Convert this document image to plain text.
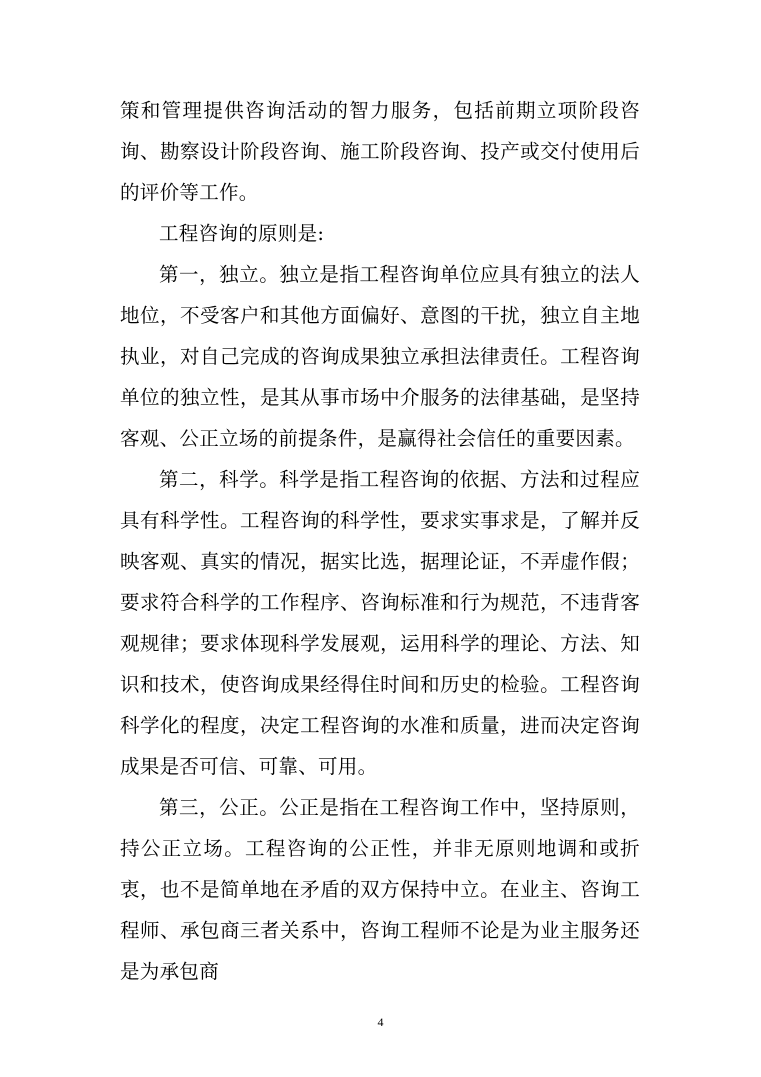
策和管理提供咨询活动的智力服务，包括前期立项阶段咨询、勘察设计阶段咨询、施工阶段咨询、投产或交付使用后的评价等工作。

工程咨询的原则是:

第一，独立。独立是指工程咨询单位应具有独立的法人地位，不受客户和其他方面偏好、意图的干扰，独立自主地执业，对自己完成的咨询成果独立承担法律责任。工程咨询单位的独立性，是其从事市场中介服务的法律基础，是坚持客观、公正立场的前提条件，是赢得社会信任的重要因素。

第二，科学。科学是指工程咨询的依据、方法和过程应具有科学性。工程咨询的科学性，要求实事求是，了解并反映客观、真实的情况，据实比选，据理论证，不弄虚作假；要求符合科学的工作程序、咨询标准和行为规范，不违背客观规律；要求体现科学发展观，运用科学的理论、方法、知识和技术，使咨询成果经得住时间和历史的检验。工程咨询科学化的程度，决定工程咨询的水准和质量，进而决定咨询成果是否可信、可靠、可用。

第三，公正。公正是指在工程咨询工作中，坚持原则，持公正立场。工程咨询的公正性，并非无原则地调和或折衷，也不是简单地在矛盾的双方保持中立。在业主、咨询工程师、承包商三者关系中，咨询工程师不论是为业主服务还是为承包商

4
